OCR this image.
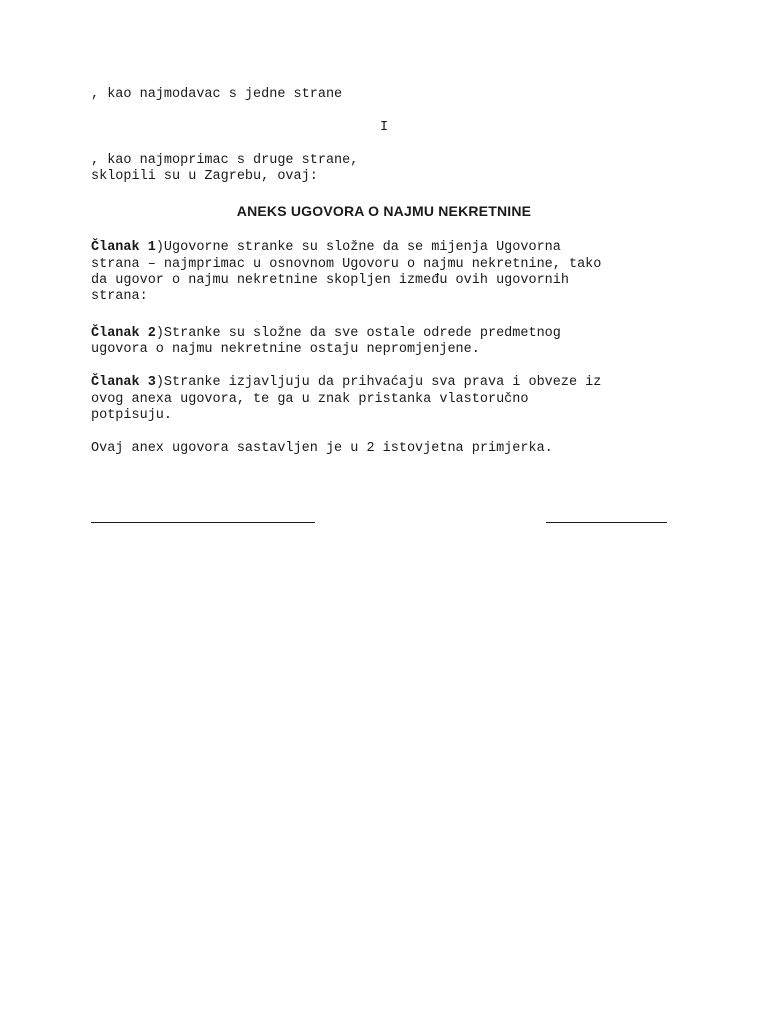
, kao najmodavac s jedne strane
I
, kao najmoprimac s druge strane,
sklopili su u Zagrebu, ovaj:
ANEKS UGOVORA O NAJMU NEKRETNINE
Članak 1)Ugovorne stranke su složne da se mijenja Ugovorna
strana – najmprimac u osnovnom Ugovoru o najmu nekretnine, tako
da ugovor o najmu nekretnine skopljen između ovih ugovornih
strana:
Članak 2)Stranke su složne da sve ostale odrede predmetnog
ugovora o najmu nekretnine ostaju nepromjenjene.
Članak 3)Stranke izjavljuju da prihvaćaju sva prava i obveze iz
ovog anexa ugovora, te ga u znak pristanka vlastoručno
potpisuju.
Ovaj anex ugovora sastavljen je u 2 istovjetna primjerka.
